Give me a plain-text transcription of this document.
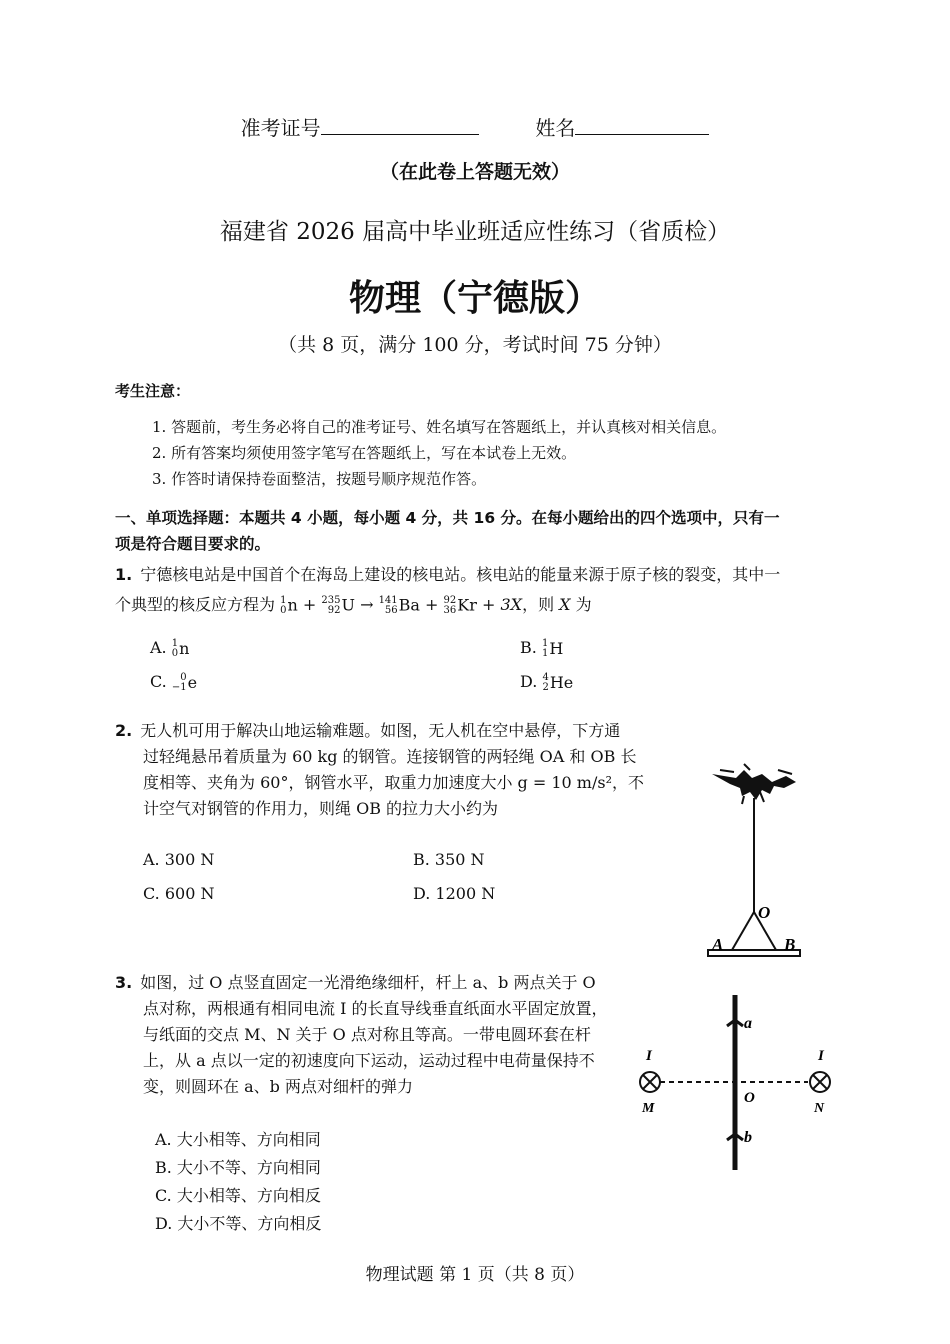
准考证号	姓名
（在此卷上答题无效）
福建省 2026 届高中毕业班适应性练习（省质检）
物理（宁德版）
（共 8 页，满分 100 分，考试时间 75 分钟）
考生注意：
1. 答题前，考生务必将自己的准考证号、姓名填写在答题纸上，并认真核对相关信息。
2. 所有答案均须使用签字笔写在答题纸上，写在本试卷上无效。
3. 作答时请保持卷面整洁，按题号顺序规范作答。
一、单项选择题：本题共 4 小题，每小题 4 分，共 16 分。在每小题给出的四个选项中，只有一
项是符合题目要求的。
1. 宁德核电站是中国首个在海岛上建设的核电站。核电站的能量来源于原子核的裂变，其中一
个典型的核反应方程为 1
0 n + 235
92 U → 141
56 Ba + 92
36 Kr + 3X，则 X 为
A. 1
0 n	B. 1
1 H
C.	0
−1 e	D. 4
2 He
2. 无人机可用于解决山地运输难题。如图，无人机在空中悬停，下方通
过轻绳悬吊着质量为 60 kg 的钢管。连接钢管的两轻绳 OA 和 OB 长
度相等、夹角为 60°，钢管水平，取重力加速度大小 g = 10 m/s²，不
计空气对钢管的作用力，则绳 OB 的拉力大小约为
A. 300 N	B. 350 N
C. 600 N	D. 1200 N
O
A	B
3. 如图，过 O 点竖直固定一光滑绝缘细杆，杆上 a、b 两点关于 O
点对称，两根通有相同电流 I 的长直导线垂直纸面水平固定放置，
与纸面的交点 M、N 关于 O 点对称且等高。一带电圆环套在杆
上，从 a 点以一定的初速度向下运动，运动过程中电荷量保持不
变，则圆环在 a、b 两点对细杆的弹力
A. 大小相等、方向相同
B. 大小不等、方向相同
C. 大小相等、方向相反
D. 大小不等、方向相反
a
b
O
M	N
I	I
物理试题 第 1 页（共 8 页）
